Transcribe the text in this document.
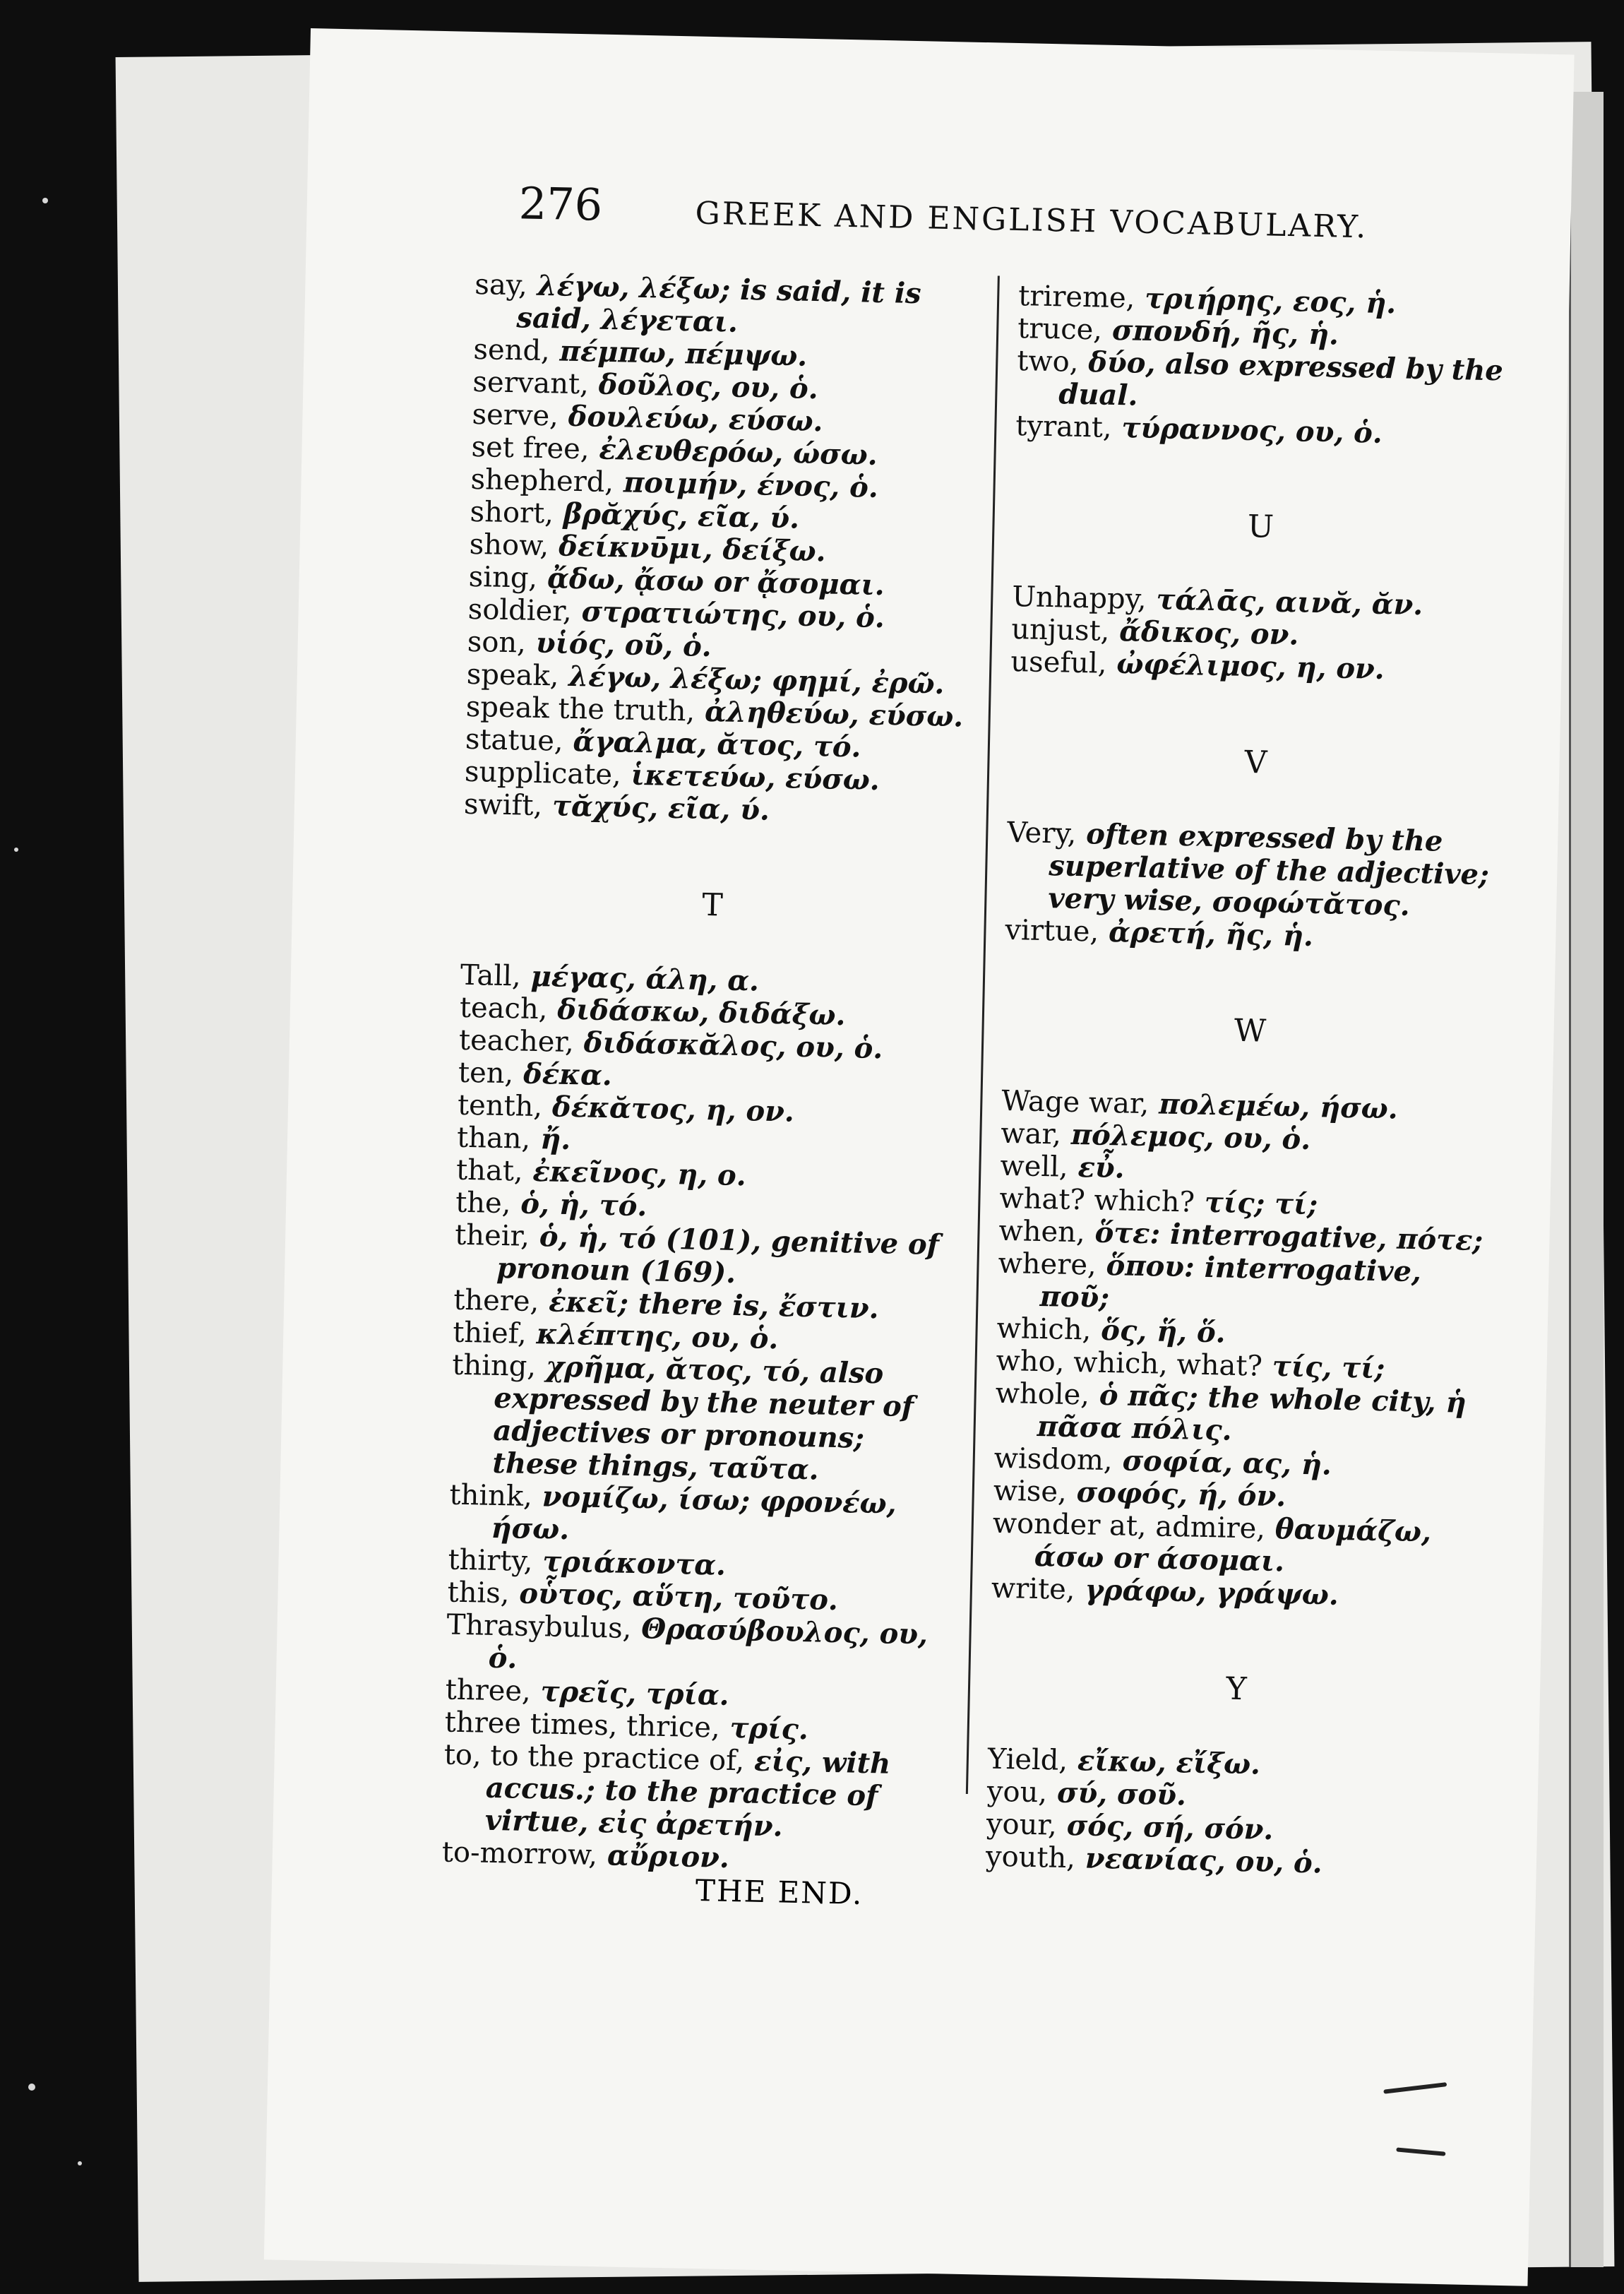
276	GREEK AND ENGLISH VOCABULARY.

say, λέγω, λέξω; is said, it is said, λέγεται.

send, πέμπω, πέμψω.

servant, δοῦλος, ου, ὁ.

serve, δουλεύω, εύσω.

set free, ἐλευθερόω, ώσω.

shepherd, ποιμήν, ένος, ὁ.

short, βρᾰχύς, εῖα, ύ.

show, δείκνῡμι, δείξω.

sing, ᾄδω, ᾄσω or ᾄσομαι.

soldier, στρατιώτης, ου, ὁ.

son, υἱός, οῦ, ὁ.

speak, λέγω, λέξω; φημί, ἐρῶ.

speak the truth, ἀληθεύω, εύσω.

statue, ἄγαλμα, ᾰτος, τό.

supplicate, ἱκετεύω, εύσω.

swift, τᾰχύς, εῖα, ύ.

T

Tall, μέγας, άλη, α.

teach, διδάσκω, διδάξω.

teacher, διδάσκᾰλος, ου, ὁ.

ten, δέκα.

tenth, δέκᾰτος, η, ον.

than, ἤ.

that, ἐκεῖνος, η, ο.

the, ὁ, ἡ, τό.

their, ὁ, ἡ, τό (101), genitive of pronoun (169).

there, ἐκεῖ; there is, ἔστιν.

thief, κλέπτης, ου, ὁ.

thing, χρῆμα, ᾰτος, τό, also expressed by the neuter of adjectives or pronouns; these things, ταῦτα.

think, νομίζω, ίσω; φρονέω, ήσω.

thirty, τριάκοντα.

this, οὗτος, αὕτη, τοῦτο.

Thrasybulus, Θρασύβουλος, ου, ὁ.

three, τρεῖς, τρία.

three times, thrice, τρίς.

to, to the practice of, εἰς, with accus.; to the practice of virtue, εἰς ἀρετήν.

to-morrow, αὔριον.

trireme, τριήρης, εος, ἡ.

truce, σπονδή, ῆς, ἡ.

two, δύο, also expressed by the dual.

tyrant, τύραννος, ου, ὁ.

U

Unhappy, τάλᾱς, αινᾰ, ᾰν.

unjust, ἄδικος, ον.

useful, ὠφέλιμος, η, ον.

V

Very, often expressed by the superlative of the adjective; very wise, σοφώτᾰτος.

virtue, ἀρετή, ῆς, ἡ.

W

Wage war, πολεμέω, ήσω.

war, πόλεμος, ου, ὁ.

well, εὖ.

what? which? τίς; τί;

when, ὅτε: interrogative, πότε;

where, ὅπου: interrogative, ποῦ;

which, ὅς, ἥ, ὅ.

who, which, what? τίς, τί;

whole, ὁ πᾶς; the whole city, ἡ πᾶσα πόλις.

wisdom, σοφία, ας, ἡ.

wise, σοφός, ή, όν.

wonder at, admire, θαυμάζω, άσω or άσομαι.

write, γράφω, γράψω.

Y

Yield, εἴκω, εἴξω.

you, σύ, σοῦ.

your, σός, σή, σόν.

youth, νεανίας, ου, ὁ.

THE END.
